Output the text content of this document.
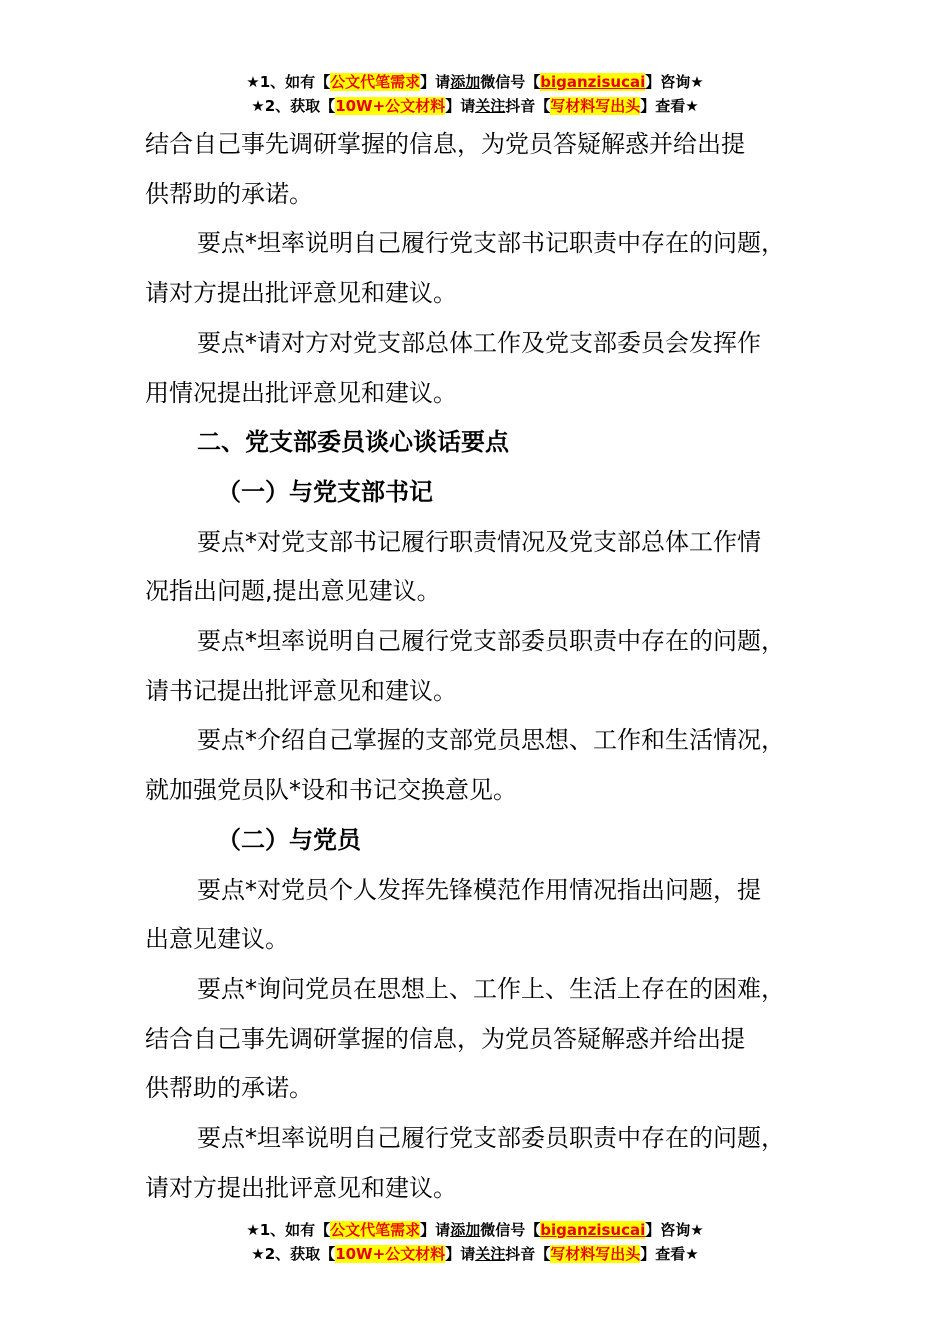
★1、如有【公文代笔需求】请添加微信号【biganzisucai】咨询★
★2、获取【10W+公文材料】请关注抖音【写材料写出头】查看★

结合自己事先调研掌握的信息，为党员答疑解惑并给出提

供帮助的承诺。

要点*坦率说明自己履行党支部书记职责中存在的问题，

请对方提出批评意见和建议。

要点*请对方对党支部总体工作及党支部委员会发挥作

用情况提出批评意见和建议。

二、党支部委员谈心谈话要点

（一）与党支部书记

要点*对党支部书记履行职责情况及党支部总体工作情

况指出问题,提出意见建议。

要点*坦率说明自己履行党支部委员职责中存在的问题，

请书记提出批评意见和建议。

要点*介绍自己掌握的支部党员思想、工作和生活情况，

就加强党员队*设和书记交换意见。

（二）与党员

要点*对党员个人发挥先锋模范作用情况指出问题，提

出意见建议。

要点*询问党员在思想上、工作上、生活上存在的困难，

结合自己事先调研掌握的信息，为党员答疑解惑并给出提

供帮助的承诺。

要点*坦率说明自己履行党支部委员职责中存在的问题，

请对方提出批评意见和建议。

★1、如有【公文代笔需求】请添加微信号【biganzisucai】咨询★
★2、获取【10W+公文材料】请关注抖音【写材料写出头】查看★
